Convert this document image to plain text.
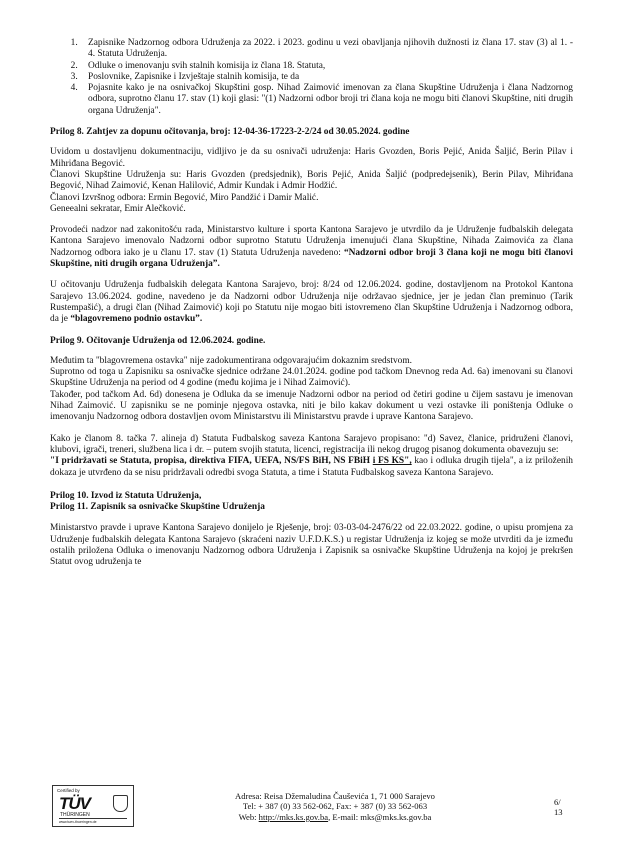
1. Zapisnike Nadzornog odbora Udruženja za 2022. i 2023. godinu u vezi obavljanja njihovih dužnosti iz člana 17. stav (3) al 1. - 4. Statuta Udruženja.
2. Odluke o imenovanju svih stalnih komisija iz člana 18. Statuta,
3. Poslovnike, Zapisnike i Izvještaje stalnih komisija, te da
4. Pojasnite kako je na osnivačkoj Skupštini gosp. Nihad Zaimović imenovan za člana Skupštine Udruženja i člana Nadzornog odbora, suprotno članu 17. stav (1) koji glasi: "(1) Nadzorni odbor broji tri člana koja ne mogu biti članovi Skupštine, niti drugih organa Udruženja".
Prilog 8. Zahtjev za dopunu očitovanja, broj: 12-04-36-17223-2-2/24 od 30.05.2024. godine

Uvidom u dostavljenu dokumentnaciju, vidljivo je da su osnivači udruženja: Haris Gvozden, Boris Pejić, Anida Šaljić, Berin Pilav i Mihriđana Begović.

Članovi Skupštine Udruženja su: Haris Gvozden (predsjednik), Boris Pejić, Anida Šaljić (podpredejsenik), Berin Pilav, Mihriđana Begović, Nihad Zaimović, Kenan Halilović, Admir Kundak i Admir Hodžić.

Članovi Izvršnog odbora: Ermin Begović, Miro Pandžić i Damir Malić.

Geneealni sekratar, Emir Alečković.

Provodeći nadzor nad zakonitošću rada, Ministarstvo kulture i sporta Kantona Sarajevo je utvrdilo da je Udruženje fudbalskih delegata Kantona Sarajevo imenovalo Nadzorni odbor suprotno Statutu Udruženja imenujući člana Skupštine, Nihada Zaimovića za člana Nadzornog odbora iako je u članu 17. stav (1) Statuta Udruženja navedeno: “Nadzorni odbor broji 3 člana koji ne mogu biti članovi Skupštine, niti drugih organa Udruženja”.

U očitovanju Udruženja fudbalskih delegata Kantona Sarajevo, broj: 8/24 od 12.06.2024. godine, dostavljenom na Protokol Kantona Sarajevo 13.06.2024. godine, navedeno je da Nadzorni odbor Udruženja nije održavao sjednice, jer je jedan član preminuo (Tarik Rustempašić), a drugi član (Nihad Zaimović) koji po Statutu nije mogao biti istovremeno član Skupštine Udruženja i Nadzornog odbora, da je “blagovremeno podnio ostavku”.

Prilog 9. Očitovanje Udruženja od 12.06.2024. godine.

Međutim ta "blagovremena ostavka" nije zadokumentirana odgovarajućim dokaznim sredstvom.

Suprotno od toga u Zapisniku sa osnivačke sjednice održane 24.01.2024. godine pod tačkom Dnevnog reda Ad. 6a) imenovani su članovi Skupštine Udruženja na period od 4 godine (među kojima je i Nihad Zaimović).

Također, pod tačkom Ad. 6d) donesena je Odluka da se imenuje Nadzorni odbor na period od četiri godine u čijem sastavu je imenovan Nihad Zaimović. U zapisniku se ne pominje njegova ostavka, niti je bilo kakav dokument u vezi ostavke ili poništenja Odluke o imenovanju Nadzornog odbora dostavljen ovom Ministarstvu ili Ministarstvu pravde i uprave Kantona Sarajevo.

Kako je članom 8. tačka 7. alineja d) Statuta Fudbalskog saveza Kantona Sarajevo propisano: "d) Savez, članice, pridruženi članovi, klubovi, igrači, treneri, službena lica i dr. – putem svojih statuta, licenci, registracija ili nekog drugog pisanog dokumenta obavezuju se:
"I pridržavati se Statuta, propisa, direktiva FIFA, UEFA, NS/FS BiH, NS FBiH i FS KS", kao i odluka drugih tijela", a iz priloženih dokaza je utvrđeno da se nisu pridržavali odredbi svoga Statuta, a time i Statuta Fudbalskog saveza Kantona Sarajevo.

Prilog 10. Izvod iz Statuta Udruženja,
Prilog 11. Zapisnik sa osnivačke Skupštine Udruženja

Ministarstvo pravde i uprave Kantona Sarajevo donijelo je Rješenje, broj: 03-03-04-2476/22 od 22.03.2022. godine, o upisu promjena za Udruženje fudbalskih delegata Kantona Sarajevo (skraćeni naziv U.F.D.K.S.) u registar Udruženja iz kojeg se može utvrditi da je između ostalih priložena Odluka o imenovanju Nadzornog odbora Udruženja i Zapisnik sa osnivačke Skupštine Udruženja na kojoj je prekršen Statut ovog udruženja te

Certified by
TÜV
THÜRINGEN
www.tuev-thueringen.de
Adresa: Reisa Džemaludina Čauševića 1, 71 000 Sarajevo
Tel: + 387 (0) 33 562-062, Fax: + 387 (0) 33 562-063
Web: http://mks.ks.gov.ba, E-mail: mks@mks.ks.gov.ba
6/
13
